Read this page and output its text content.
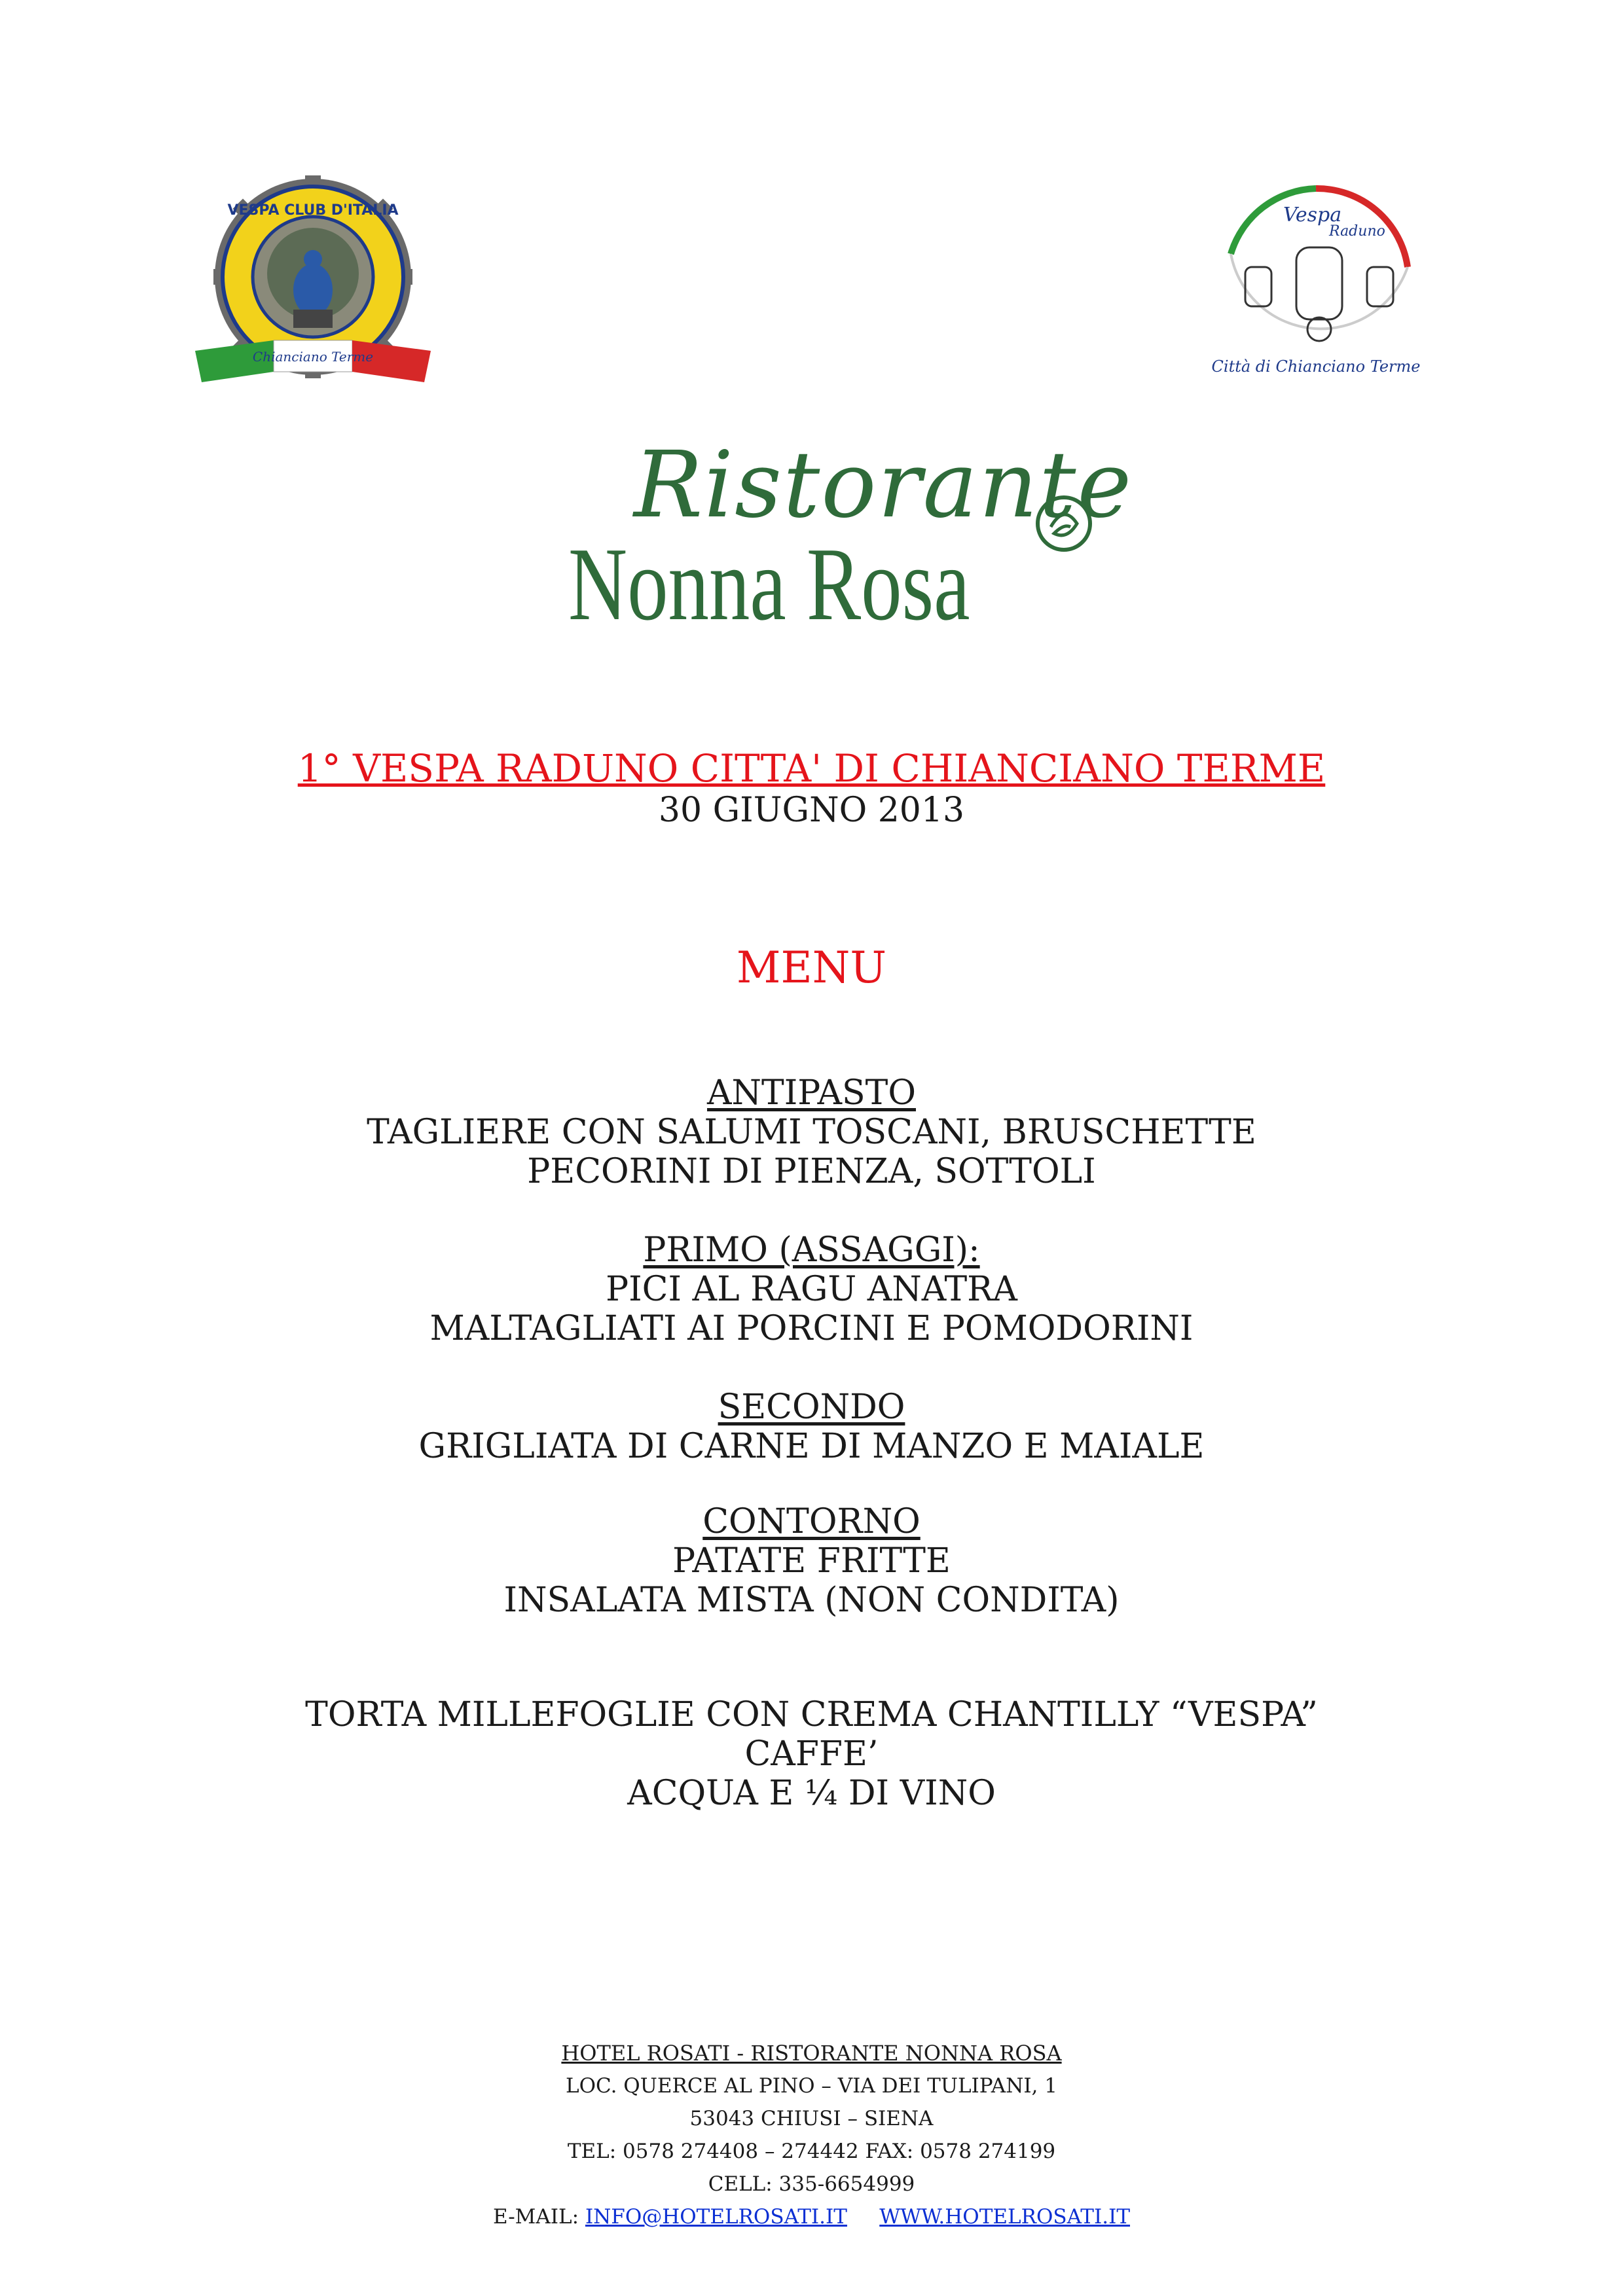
VESPA CLUB D'ITALIA
Chianciano Terme
Vespa
Raduno
Città di Chianciano Terme
Ristorante
Nonna Rosa
1° VESPA RADUNO CITTA' DI CHIANCIANO TERME
30 GIUGNO 2013
MENU
ANTIPASTO
TAGLIERE CON SALUMI TOSCANI, BRUSCHETTE
PECORINI DI PIENZA, SOTTOLI
PRIMO (ASSAGGI):
PICI AL RAGU ANATRA
MALTAGLIATI AI PORCINI E POMODORINI
SECONDO
GRIGLIATA DI CARNE DI MANZO E MAIALE
CONTORNO
PATATE FRITTE
INSALATA MISTA (NON CONDITA)
TORTA MILLEFOGLIE CON CREMA CHANTILLY “VESPA”
CAFFE’
ACQUA E ¼ DI VINO
HOTEL ROSATI - RISTORANTE NONNA ROSA
LOC. QUERCE AL PINO – VIA DEI TULIPANI, 1
53043 CHIUSI – SIENA
TEL: 0578 274408 – 274442 FAX: 0578 274199
CELL: 335-6654999
E-MAIL: INFO@HOTELROSATI.IT WWW.HOTELROSATI.IT
